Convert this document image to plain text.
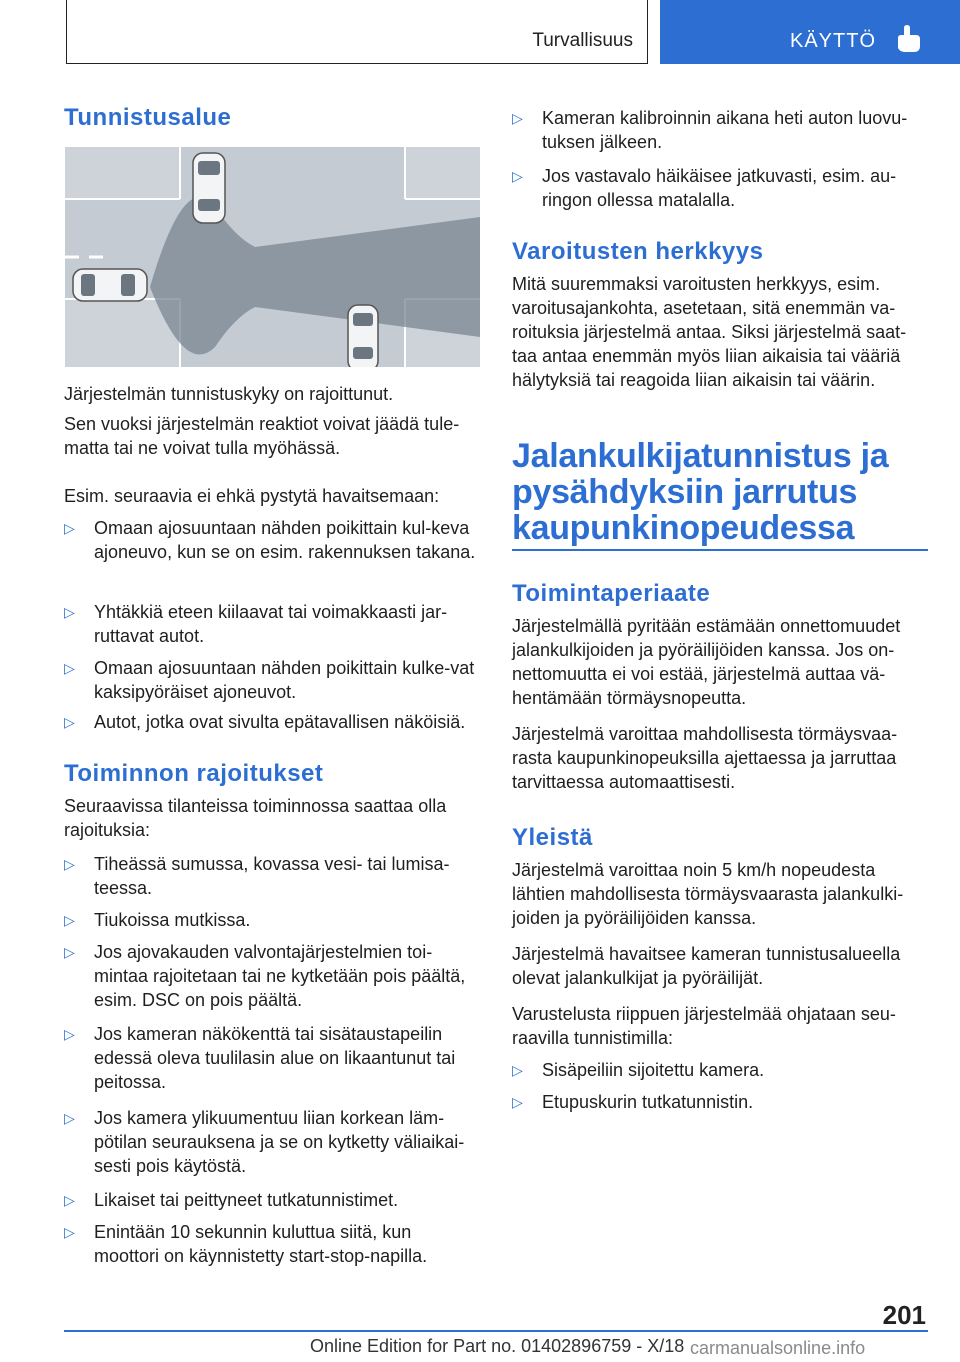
Turvallisuus	KÄYTTÖ
Tunnistusalue

Järjestelmän tunnistuskyky on rajoittunut.

Sen vuoksi järjestelmän reaktiot voivat jäädä tule-matta tai ne voivat tulla myöhässä.

Esim. seuraavia ei ehkä pystytä havaitsemaan:

▷	Omaan ajosuuntaan nähden poikittain kul-keva ajoneuvo, kun se on esim. rakennuksen takana.
▷	Yhtäkkiä eteen kiilaavat tai voimakkaasti jar-ruttavat autot.
▷	Omaan ajosuuntaan nähden poikittain kulke-vat kaksipyöräiset ajoneuvot.
▷	Autot, jotka ovat sivulta epätavallisen näköisiä.
Toiminnon rajoitukset

Seuraavissa tilanteissa toiminnossa saattaa olla rajoituksia:

▷	Tiheässä sumussa, kovassa vesi- tai lumisa-teessa.
▷	Tiukoissa mutkissa.
▷	Jos ajovakauden valvontajärjestelmien toi-mintaa rajoitetaan tai ne kytketään pois päältä, esim. DSC on pois päältä.
▷	Jos kameran näkökenttä tai sisätaustapeilin edessä oleva tuulilasin alue on likaantunut tai peitossa.
▷	Jos kamera ylikuumentuu liian korkean läm-pötilan seurauksena ja se on kytketty väliaikai-sesti pois käytöstä.
▷	Likaiset tai peittyneet tutkatunnistimet.
▷	Enintään 10 sekunnin kuluttua siitä, kun moottori on käynnistetty start-stop-napilla.
▷	Kameran kalibroinnin aikana heti auton luovu-tuksen jälkeen.
▷	Jos vastavalo häikäisee jatkuvasti, esim. au-ringon ollessa matalalla.
Varoitusten herkkyys

Mitä suuremmaksi varoitusten herkkyys, esim. varoitusajankohta, asetetaan, sitä enemmän va-roituksia järjestelmä antaa. Siksi järjestelmä saat-taa antaa enemmän myös liian aikaisia tai vääriä hälytyksiä tai reagoida liian aikaisin tai väärin.

Jalankulkijatunnistus ja
pysähdyksiin jarrutus
kaupunkinopeudessa
Toimintaperiaate

Järjestelmällä pyritään estämään onnettomuudet jalankulkijoiden ja pyöräilijöiden kanssa. Jos on-nettomuutta ei voi estää, järjestelmä auttaa vä-hentämään törmäysnopeutta.

Järjestelmä varoittaa mahdollisesta törmäysvaa-rasta kaupunkinopeuksilla ajettaessa ja jarruttaa tarvittaessa automaattisesti.

Yleistä

Järjestelmä varoittaa noin 5 km/h nopeudesta lähtien mahdollisesta törmäysvaarasta jalankulki-joiden ja pyöräilijöiden kanssa.

Järjestelmä havaitsee kameran tunnistusalueella olevat jalankulkijat ja pyöräilijät.

Varustelusta riippuen järjestelmää ohjataan seu-raavilla tunnistimilla:

▷	Sisäpeiliin sijoitettu kamera.
▷	Etupuskurin tutkatunnistin.
201
Online Edition for Part no. 01402896759 - X/18 carmanualsonline.info
